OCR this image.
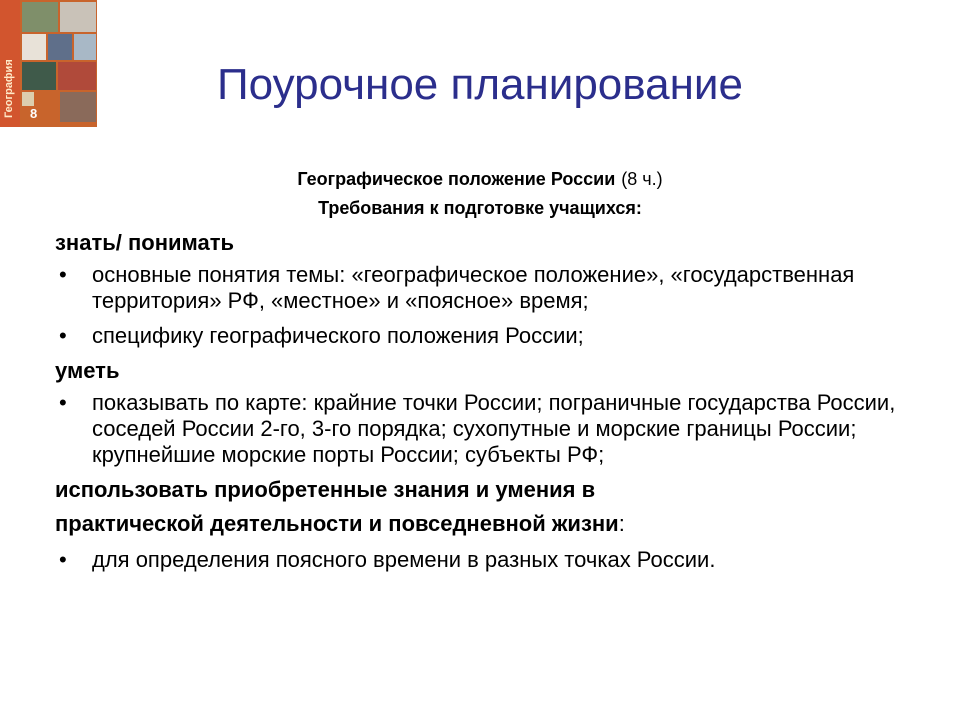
География 8
Поурочное планирование
Географическое положение России (8 ч.)
Требования к подготовке учащихся:
знать/ понимать
• основные понятия темы: «географическое положение», «государственная территория» РФ, «местное» и «поясное» время;
• специфику географического положения России;
уметь
• показывать по карте: крайние точки России; пограничные государства России, соседей России 2-го, 3-го порядка; сухопутные и морские границы России; крупнейшие морские порты России; субъекты РФ;
использовать приобретенные знания и умения в
практической деятельности и повседневной жизни:
• для определения поясного времени в разных точках России.
